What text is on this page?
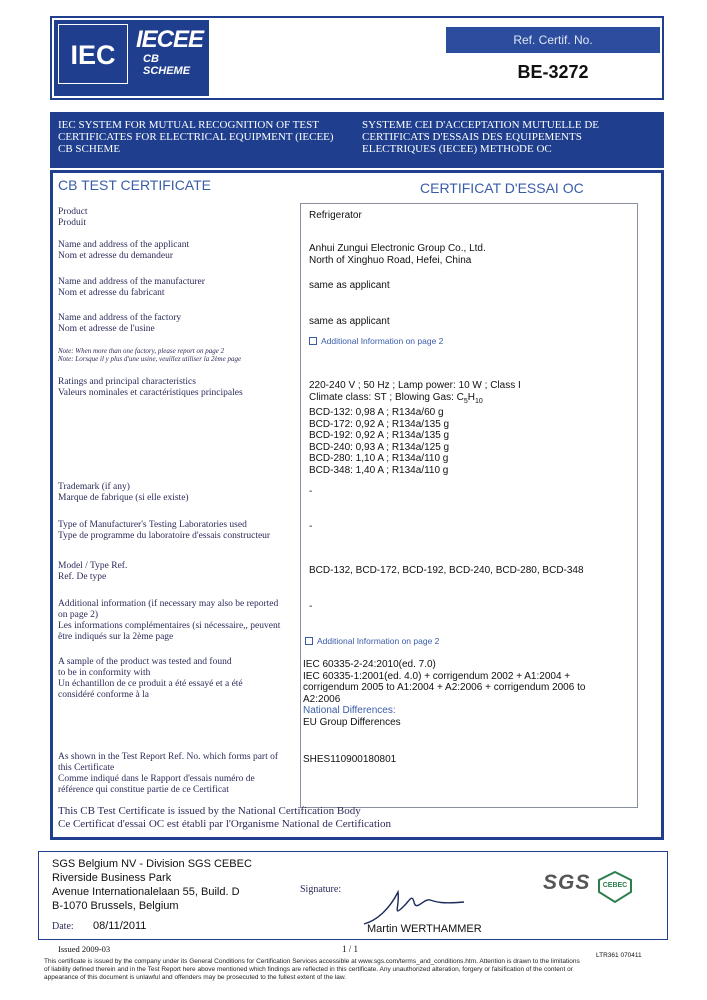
IEC
IECEE
CB
SCHEME
Ref. Certif. No.
BE-3272
IEC SYSTEM FOR MUTUAL RECOGNITION OF TEST CERTIFICATES FOR ELECTRICAL EQUIPMENT (IECEE) CB SCHEME
SYSTEME CEI D'ACCEPTATION MUTUELLE DE CERTIFICATS D'ESSAIS DES EQUIPEMENTS ELECTRIQUES (IECEE) METHODE OC
CB TEST CERTIFICATE	CERTIFICAT D'ESSAI OC
Product
Produit
Refrigerator
Name and address of the applicant
Nom et adresse du demandeur
Anhui Zungui Electronic Group Co., Ltd.
North of Xinghuo Road, Hefei, China
Name and address of the manufacturer
Nom et adresse du fabricant
same as applicant
Name and address of the factory
Nom et adresse de l'usine
same as applicant
Note: When more than one factory, please report on page 2
Note: Lorsque il y plus d'une usine, veuillez utiliser la 2ème page
Additional Information on page 2
Ratings and principal characteristics
Valeurs nominales et caractéristiques principales
220-240 V ; 50 Hz ; Lamp power: 10 W ; Class I
Climate class: ST ; Blowing Gas: $C_5H_{10}$
BCD-132: 0,98 A ; R134a/60 g
BCD-172: 0,92 A ; R134a/135 g
BCD-192: 0,92 A ; R134a/135 g
BCD-240: 0,93 A ; R134a/125 g
BCD-280: 1,10 A ; R134a/110 g
BCD-348: 1,40 A ; R134a/110 g
Trademark (if any)
Marque de fabrique (si elle existe)
-
Type of Manufacturer's Testing Laboratories used
Type de programme du laboratoire d'essais constructeur
-
Model / Type Ref.
Ref. De type
BCD-132, BCD-172, BCD-192, BCD-240, BCD-280, BCD-348
Additional information (if necessary may also be reported
on page 2)
Les informations complémentaires (si nécessaire,, peuvent
être indiqués sur la 2ème page
-
Additional Information on page 2
A sample of the product was tested and found
to be in conformity with
Un échantillon de ce produit a été essayé et a été
considéré conforme à la
IEC 60335-2-24:2010(ed. 7.0)
IEC 60335-1:2001(ed. 4.0) + corrigendum 2002 + A1:2004 +
corrigendum 2005 to A1:2004 + A2:2006 + corrigendum 2006 to
A2:2006
National Differences:
EU Group Differences
As shown in the Test Report Ref. No. which forms part of
this Certificate
Comme indiqué dans le Rapport d'essais numéro de
référence qui constitue partie de ce Certificat
SHES110900180801
This CB Test Certificate is issued by the National Certification Body
Ce Certificat d'essai OC est établi par l'Organisme National de Certification
SGS Belgium NV - Division SGS CEBEC
Riverside Business Park
Avenue Internationalelaan 55, Build. D
B-1070 Brussels, Belgium
Date: 08/11/2011
Signature:
Martin WERTHAMMER
SGS	CEBEC
Issued 2009-03	1 / 1
LTR361 070411
This certificate is issued by the company under its General Conditions for Certification Services accessible at www.sgs.com/terms_and_conditions.htm. Attention is drawn to the limitations
of liability defined therein and in the Test Report here above mentioned which findings are reflected in this certificate. Any unauthorized alteration, forgery or falsification of the content or
appearance of this document is unlawful and offenders may be prosecuted to the fullest extent of the law.
